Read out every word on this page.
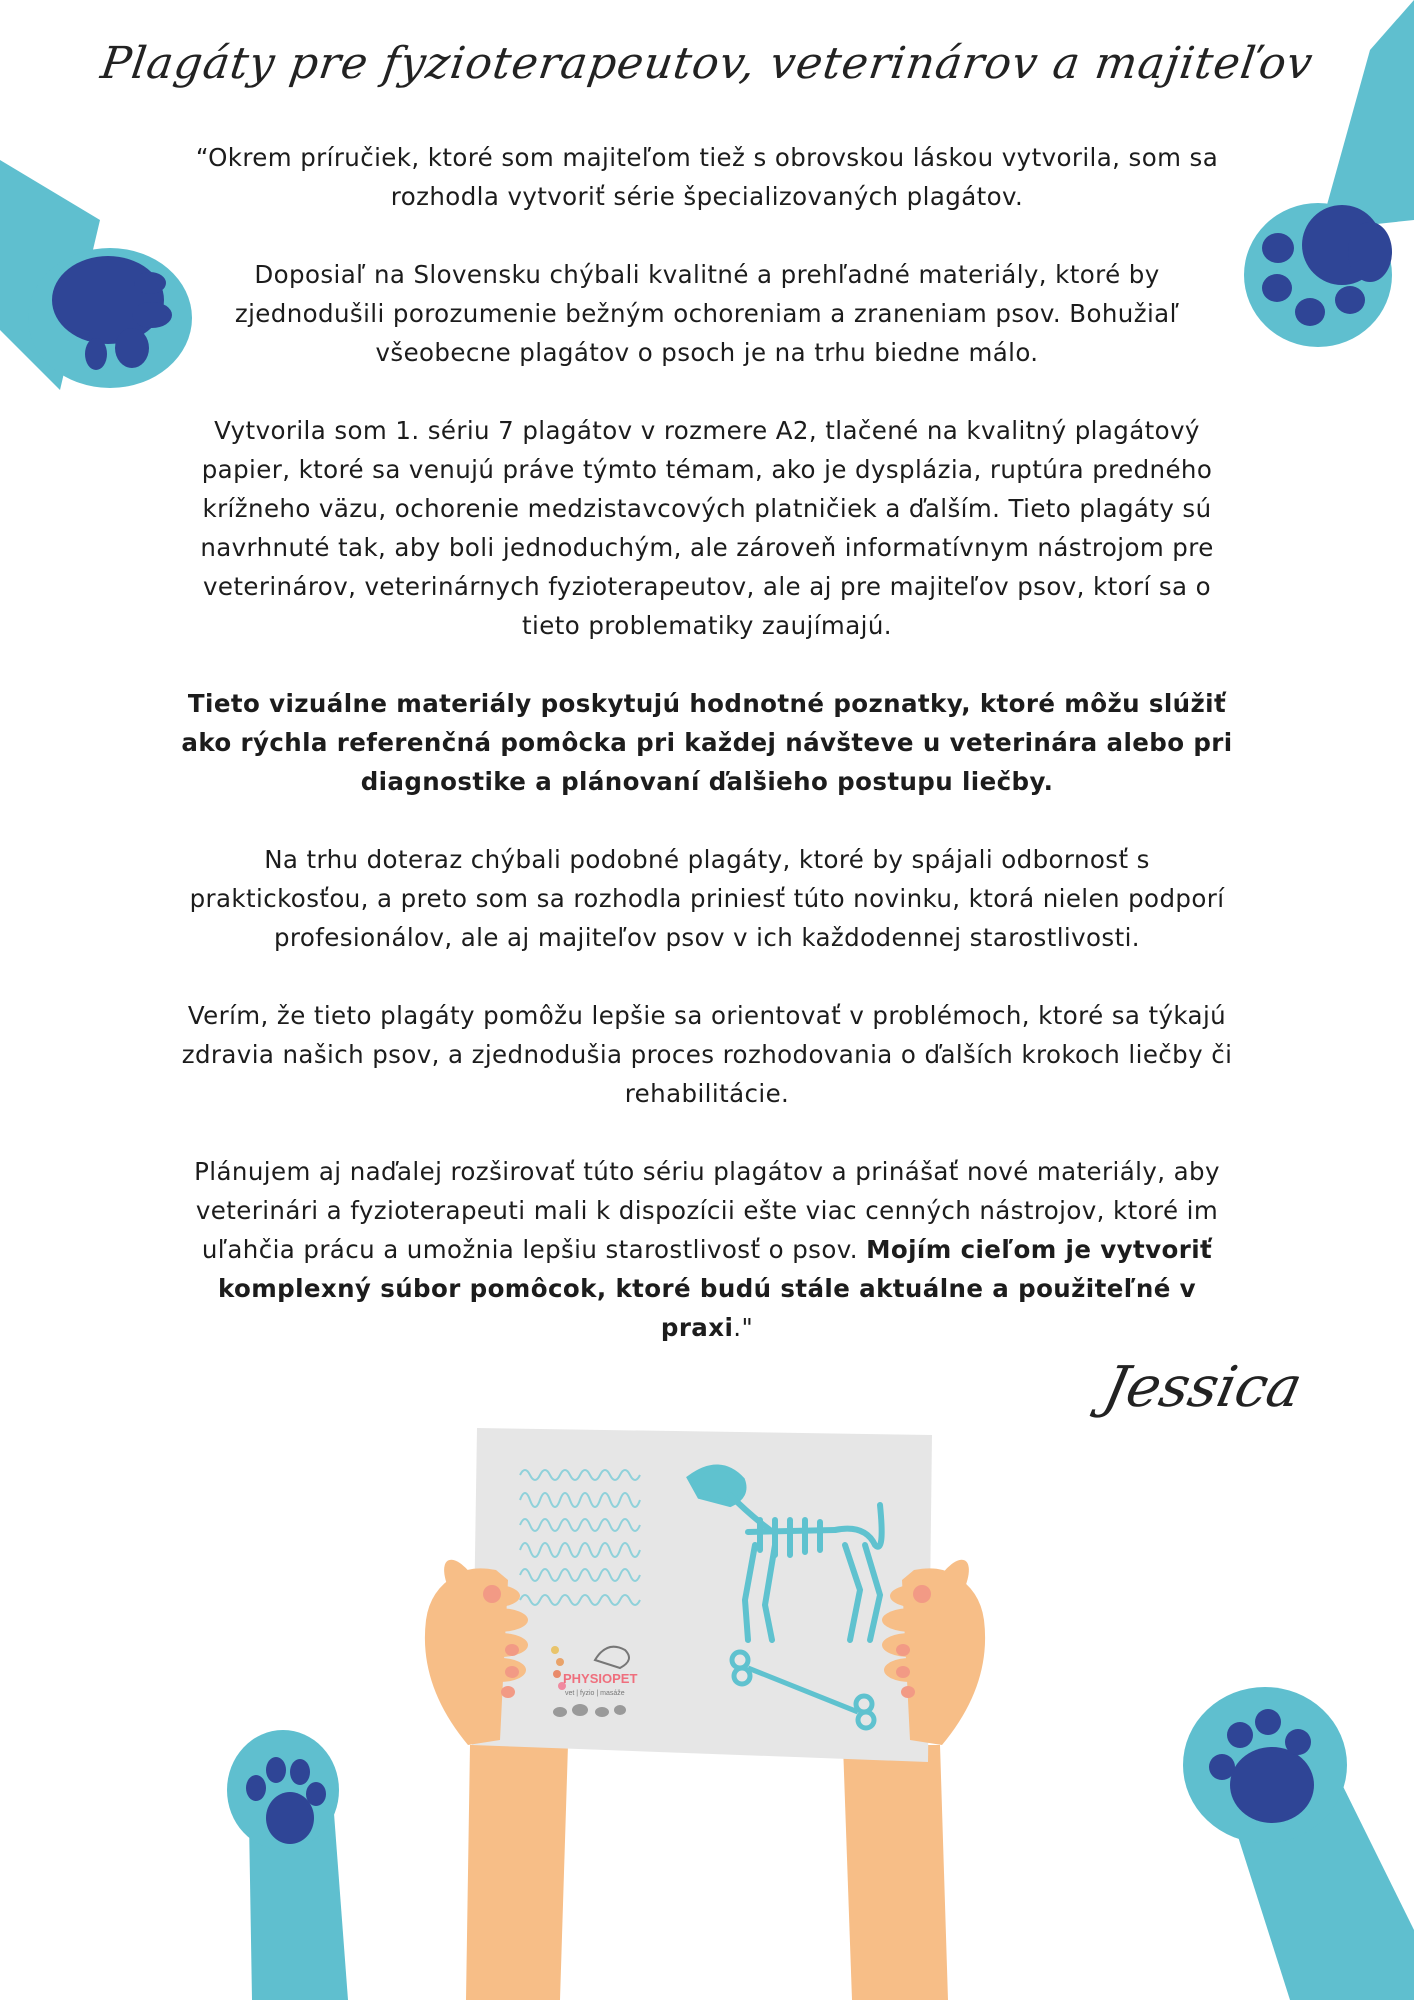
Plagáty pre fyzioterapeutov, veterinárov a majiteľov

“Okrem príručiek, ktoré som majiteľom tiež s obrovskou láskou vytvorila, som sa rozhodla vytvoriť série špecializovaných plagátov.

Doposiaľ na Slovensku chýbali kvalitné a prehľadné materiály, ktoré by zjednodušili porozumenie bežným ochoreniam a zraneniam psov. Bohužiaľ všeobecne plagátov o psoch je na trhu biedne málo.

Vytvorila som 1. sériu 7 plagátov v rozmere A2, tlačené na kvalitný plagátový papier, ktoré sa venujú práve týmto témam, ako je dysplázia, ruptúra predného krížneho väzu, ochorenie medzistavcových platničiek a ďalším. Tieto plagáty sú navrhnuté tak, aby boli jednoduchým, ale zároveň informatívnym nástrojom pre veterinárov, veterinárnych fyzioterapeutov, ale aj pre majiteľov psov, ktorí sa o tieto problematiky zaujímajú.

Tieto vizuálne materiály poskytujú hodnotné poznatky, ktoré môžu slúžiť ako rýchla referenčná pomôcka pri každej návšteve u veterinára alebo pri diagnostike a plánovaní ďalšieho postupu liečby.

Na trhu doteraz chýbali podobné plagáty, ktoré by spájali odbornosť s praktickosťou, a preto som sa rozhodla priniesť túto novinku, ktorá nielen podporí profesionálov, ale aj majiteľov psov v ich každodennej starostlivosti.

Verím, že tieto plagáty pomôžu lepšie sa orientovať v problémoch, ktoré sa týkajú zdravia našich psov, a zjednodušia proces rozhodovania o ďalších krokoch liečby či rehabilitácie.

Plánujem aj naďalej rozširovať túto sériu plagátov a prinášať nové materiály, aby veterinári a fyzioterapeuti mali k dispozícii ešte viac cenných nástrojov, ktoré im uľahčia prácu a umožnia lepšiu starostlivosť o psov. Mojím cieľom je vytvoriť komplexný súbor pomôcok, ktoré budú stále aktuálne a použiteľné v praxi."

Jessica
PHYSIOPET
vet | fyzio | masáže
